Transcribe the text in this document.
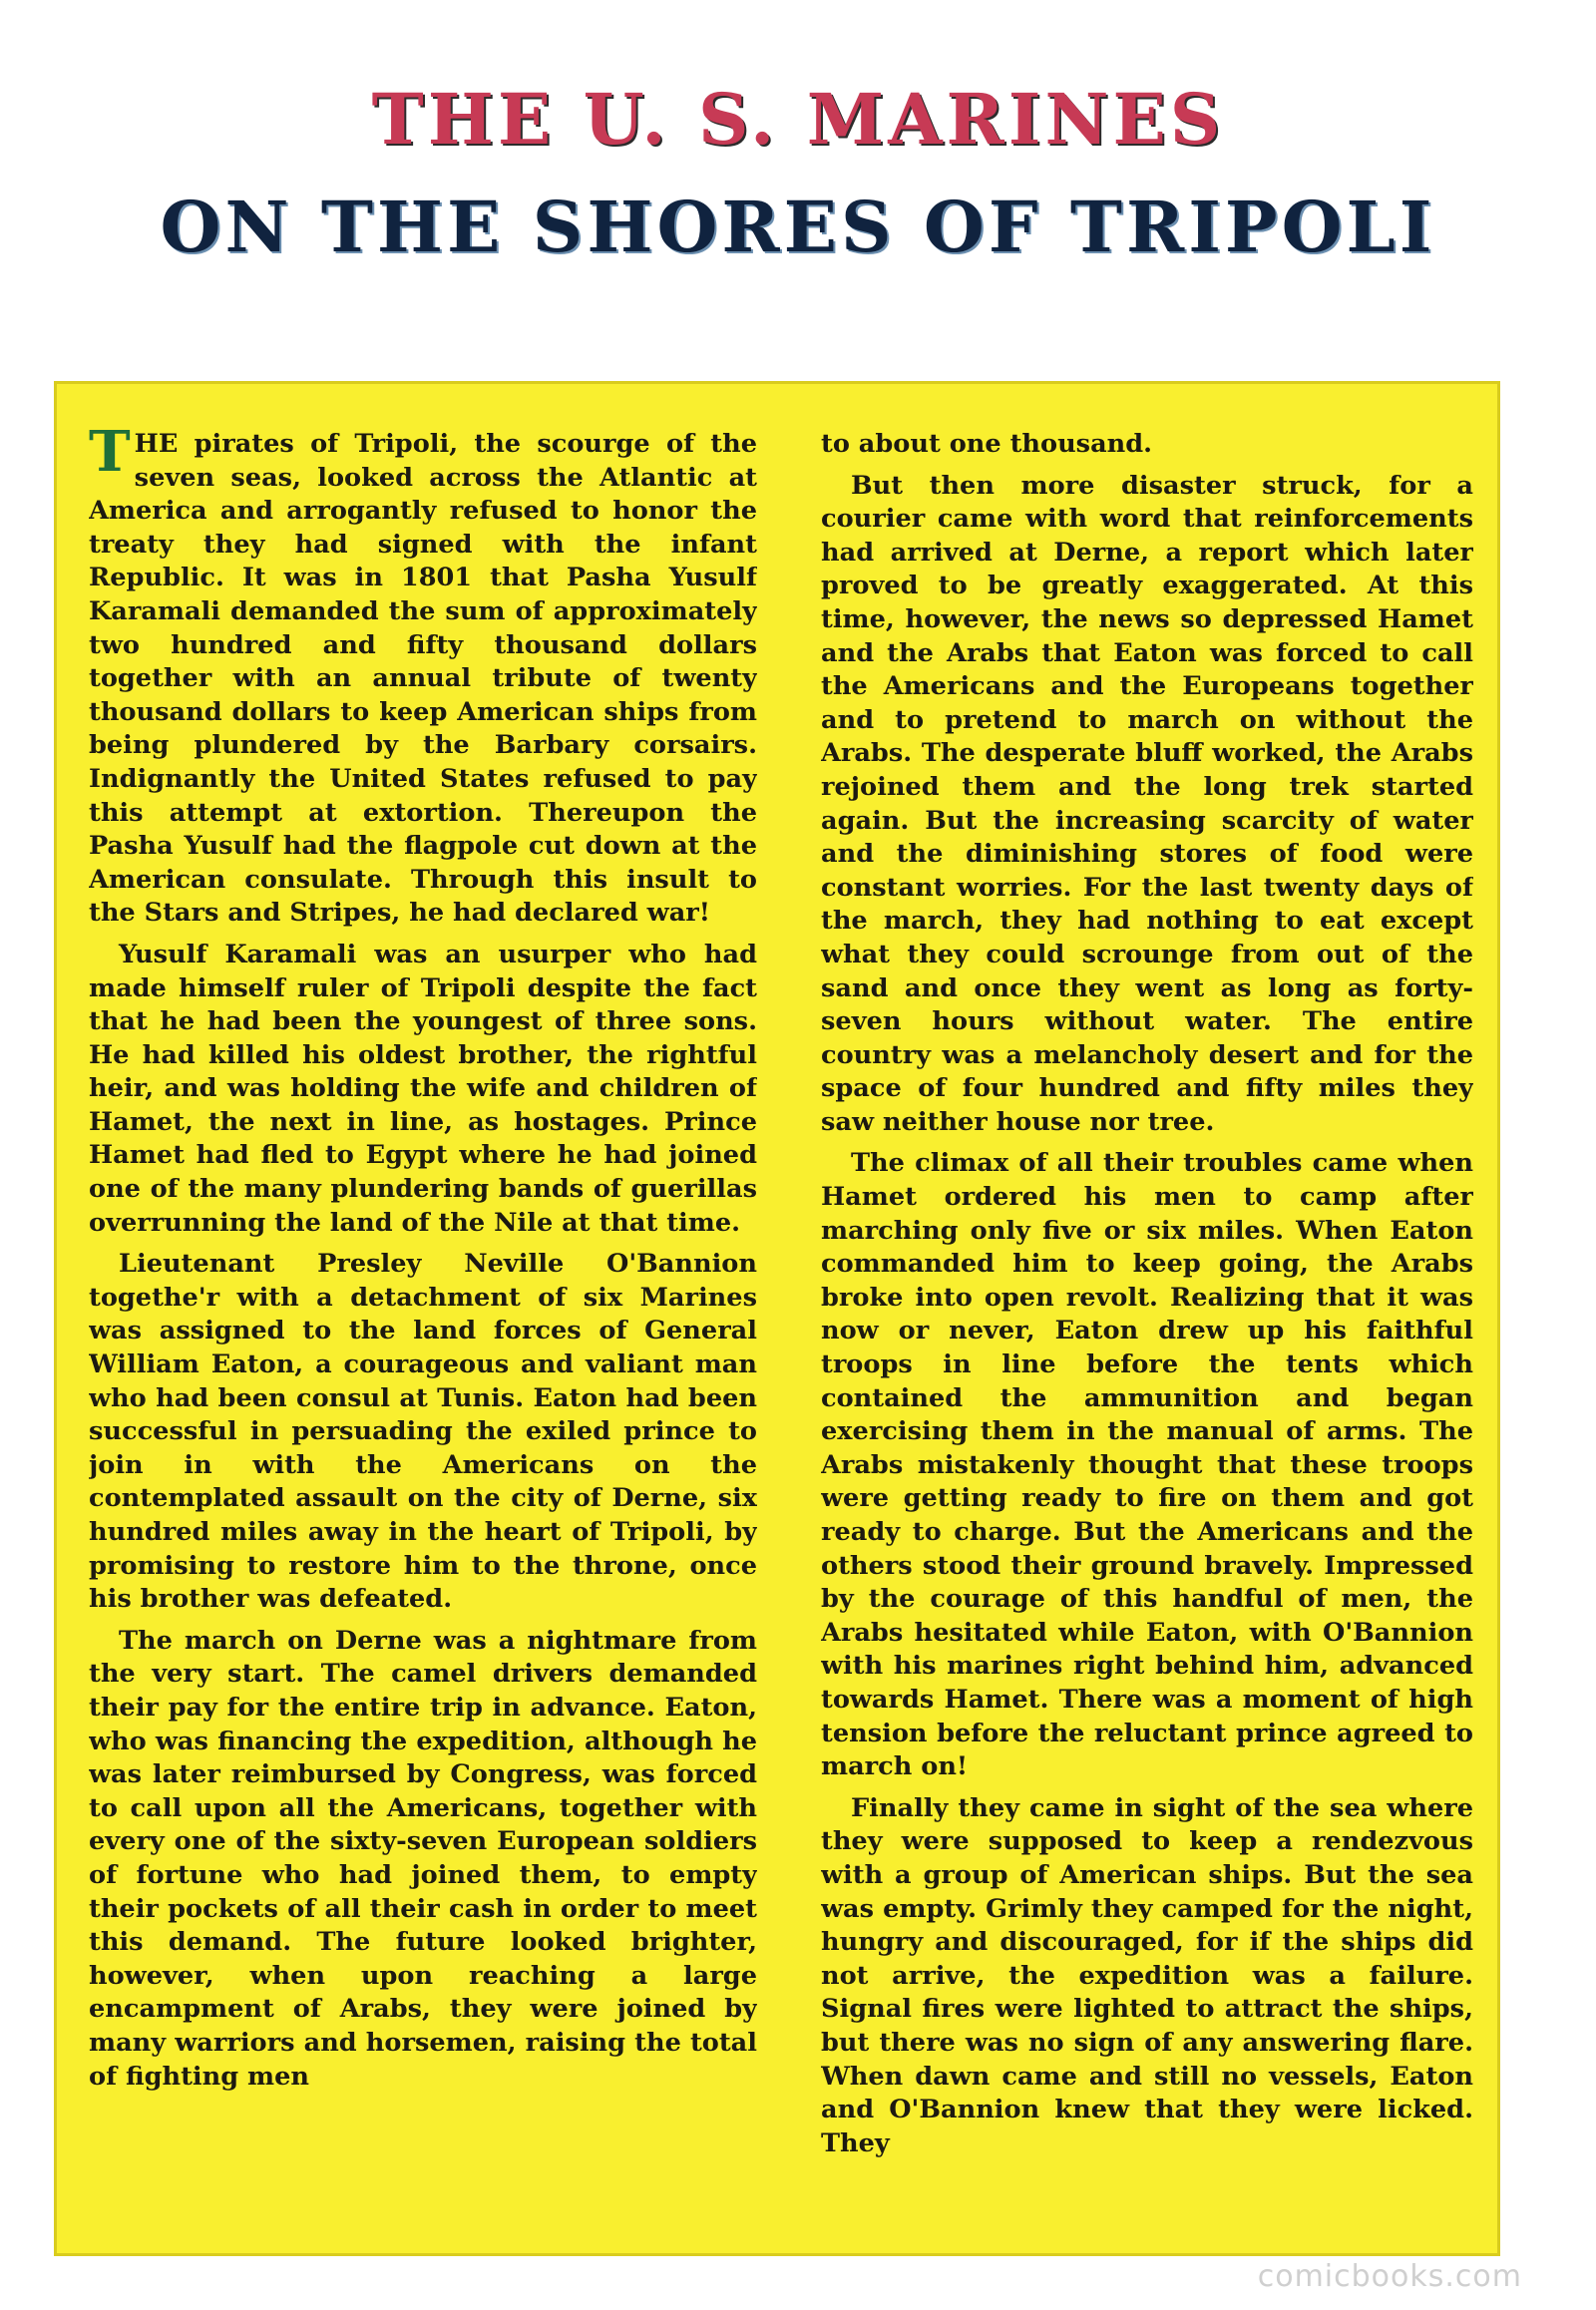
THE U. S. MARINES
ON THE SHORES OF TRIPOLI

THE pirates of Tripoli, the scourge of the seven seas, looked across the Atlantic at America and arrogantly refused to honor the treaty they had signed with the infant Republic. It was in 1801 that Pasha Yusulf Karamali demanded the sum of approximately two hundred and fifty thousand dollars together with an annual tribute of twenty thousand dollars to keep American ships from being plundered by the Barbary corsairs. Indignantly the United States refused to pay this attempt at extortion. Thereupon the Pasha Yusulf had the flagpole cut down at the American consulate. Through this insult to the Stars and Stripes, he had declared war!

Yusulf Karamali was an usurper who had made himself ruler of Tripoli despite the fact that he had been the youngest of three sons. He had killed his oldest brother, the rightful heir, and was holding the wife and children of Hamet, the next in line, as hostages. Prince Hamet had fled to Egypt where he had joined one of the many plundering bands of guerillas overrunning the land of the Nile at that time.

Lieutenant Presley Neville O'Bannion togethe'r with a detachment of six Marines was assigned to the land forces of General William Eaton, a courageous and valiant man who had been consul at Tunis. Eaton had been successful in persuading the exiled prince to join in with the Americans on the contemplated assault on the city of Derne, six hundred miles away in the heart of Tripoli, by promising to restore him to the throne, once his brother was defeated.

The march on Derne was a nightmare from the very start. The camel drivers demanded their pay for the entire trip in advance. Eaton, who was financing the expedition, although he was later reimbursed by Congress, was forced to call upon all the Americans, together with every one of the sixty-seven European soldiers of fortune who had joined them, to empty their pockets of all their cash in order to meet this demand. The future looked brighter, however, when upon reaching a large encampment of Arabs, they were joined by many warriors and horsemen, raising the total of fighting men

to about one thousand.

But then more disaster struck, for a courier came with word that reinforcements had arrived at Derne, a report which later proved to be greatly exaggerated. At this time, however, the news so depressed Hamet and the Arabs that Eaton was forced to call the Americans and the Europeans together and to pretend to march on without the Arabs. The desperate bluff worked, the Arabs rejoined them and the long trek started again. But the increasing scarcity of water and the diminishing stores of food were constant worries. For the last twenty days of the march, they had nothing to eat except what they could scrounge from out of the sand and once they went as long as forty-seven hours without water. The entire country was a melancholy desert and for the space of four hundred and fifty miles they saw neither house nor tree.

The climax of all their troubles came when Hamet ordered his men to camp after marching only five or six miles. When Eaton commanded him to keep going, the Arabs broke into open revolt. Realizing that it was now or never, Eaton drew up his faithful troops in line before the tents which contained the ammunition and began exercising them in the manual of arms. The Arabs mistakenly thought that these troops were getting ready to fire on them and got ready to charge. But the Americans and the others stood their ground bravely. Impressed by the courage of this handful of men, the Arabs hesitated while Eaton, with O'Bannion with his marines right behind him, advanced towards Hamet. There was a moment of high tension before the reluctant prince agreed to march on!

Finally they came in sight of the sea where they were supposed to keep a rendezvous with a group of American ships. But the sea was empty. Grimly they camped for the night, hungry and discouraged, for if the ships did not arrive, the expedition was a failure. Signal fires were lighted to attract the ships, but there was no sign of any answering flare. When dawn came and still no vessels, Eaton and O'Bannion knew that they were licked. They

comicbooks.com
